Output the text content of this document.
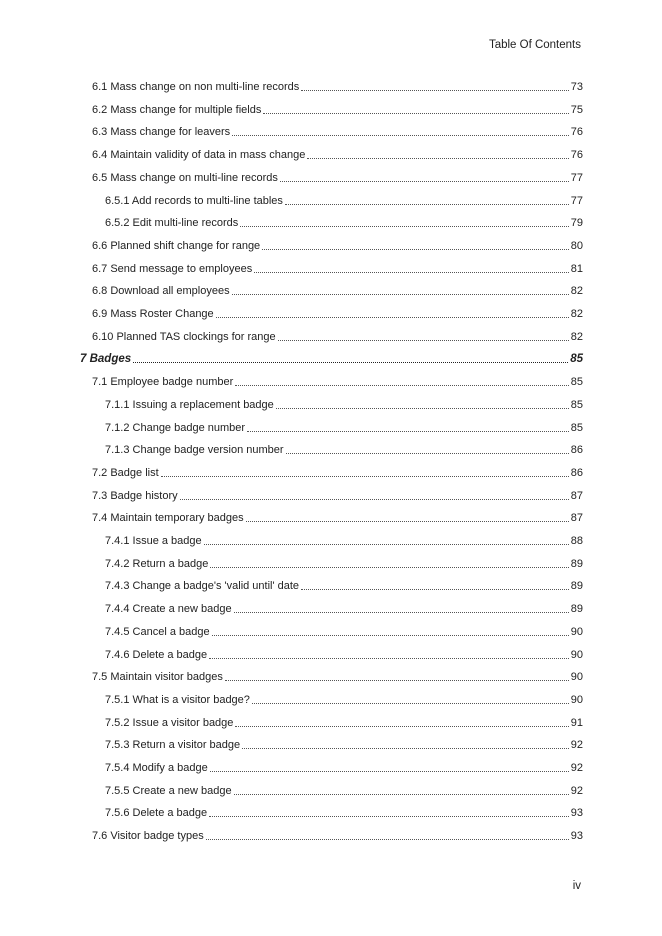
Table Of Contents
6.1 Mass change on non multi-line records	73
6.2 Mass change for multiple fields	75
6.3 Mass change for leavers	76
6.4 Maintain validity of data in mass change	76
6.5 Mass change on multi-line records	77
6.5.1 Add records to multi-line tables	77
6.5.2 Edit multi-line records	79
6.6 Planned shift change for range	80
6.7 Send message to employees	81
6.8 Download all employees	82
6.9 Mass Roster Change	82
6.10 Planned TAS clockings for range	82
7 Badges	85
7.1 Employee badge number	85
7.1.1 Issuing a replacement badge	85
7.1.2 Change badge number	85
7.1.3 Change badge version number	86
7.2 Badge list	86
7.3 Badge history	87
7.4 Maintain temporary badges	87
7.4.1 Issue a badge	88
7.4.2 Return a badge	89
7.4.3 Change a badge's 'valid until' date	89
7.4.4 Create a new badge	89
7.4.5 Cancel a badge	90
7.4.6 Delete a badge	90
7.5 Maintain visitor badges	90
7.5.1 What is a visitor badge?	90
7.5.2 Issue a visitor badge	91
7.5.3 Return a visitor badge	92
7.5.4 Modify a badge	92
7.5.5 Create a new badge	92
7.5.6 Delete a badge	93
7.6 Visitor badge types	93
iv
